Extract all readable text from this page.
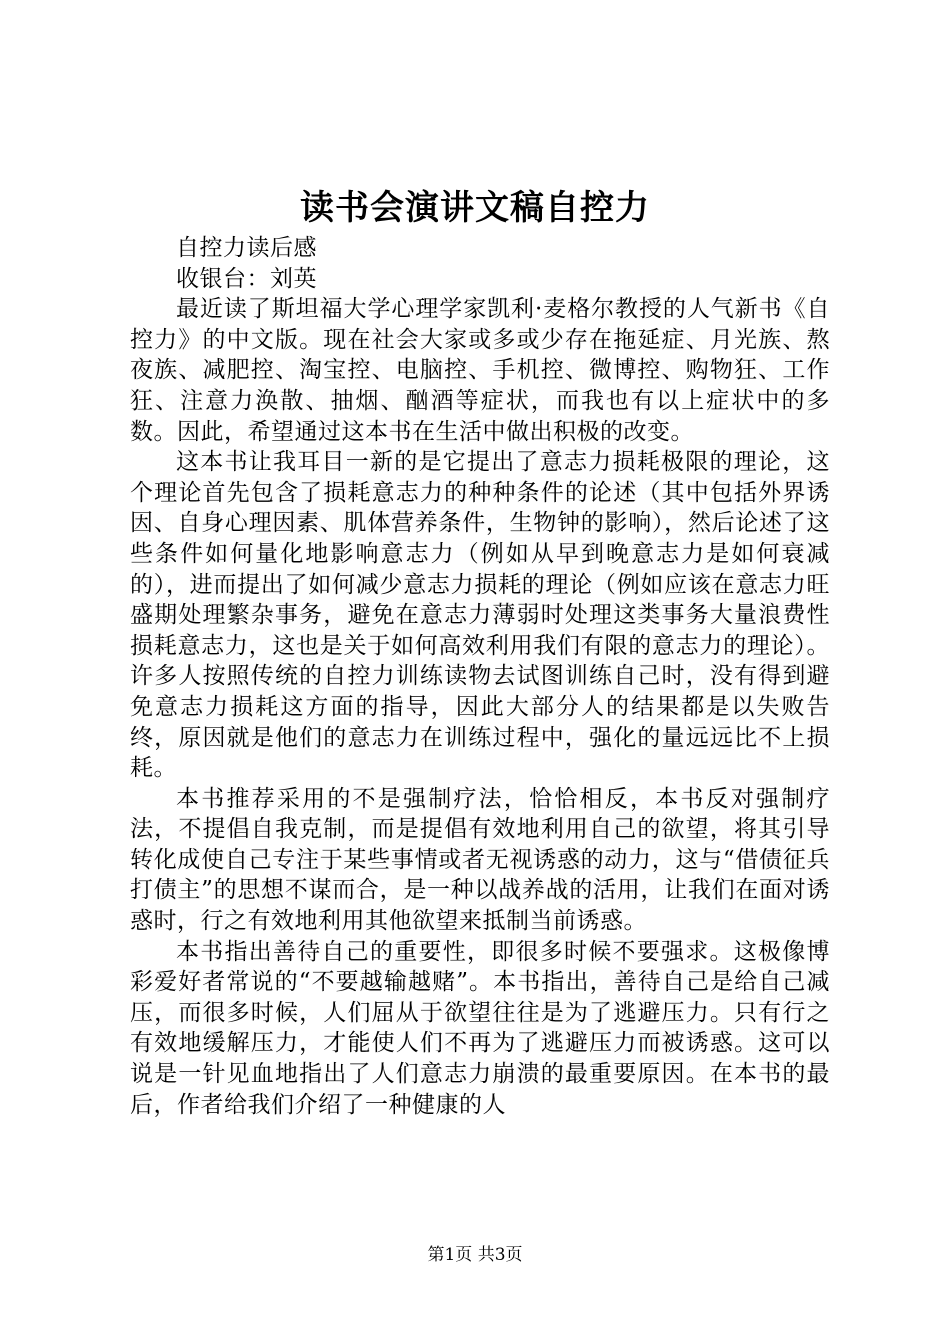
读书会演讲文稿自控力

自控力读后感

收银台：刘英

最近读了斯坦福大学心理学家凯利·麦格尔教授的人气新书《自控力》的中文版。现在社会大家或多或少存在拖延症、月光族、熬夜族、减肥控、淘宝控、电脑控、手机控、微博控、购物狂、工作狂、注意力涣散、抽烟、酗酒等症状，而我也有以上症状中的多数。因此，希望通过这本书在生活中做出积极的改变。

这本书让我耳目一新的是它提出了意志力损耗极限的理论，这个理论首先包含了损耗意志力的种种条件的论述（其中包括外界诱因、自身心理因素、肌体营养条件，生物钟的影响），然后论述了这些条件如何量化地影响意志力（例如从早到晚意志力是如何衰减的），进而提出了如何减少意志力损耗的理论（例如应该在意志力旺盛期处理繁杂事务，避免在意志力薄弱时处理这类事务大量浪费性损耗意志力，这也是关于如何高效利用我们有限的意志力的理论）。许多人按照传统的自控力训练读物去试图训练自己时，没有得到避免意志力损耗这方面的指导，因此大部分人的结果都是以失败告终，原因就是他们的意志力在训练过程中，强化的量远远比不上损耗。

本书推荐采用的不是强制疗法，恰恰相反，本书反对强制疗法，不提倡自我克制，而是提倡有效地利用自己的欲望，将其引导转化成使自己专注于某些事情或者无视诱惑的动力，这与“借债征兵打债主”的思想不谋而合，是一种以战养战的活用，让我们在面对诱惑时，行之有效地利用其他欲望来抵制当前诱惑。

本书指出善待自己的重要性，即很多时候不要强求。这极像博彩爱好者常说的“不要越输越赌”。本书指出，善待自己是给自己减压，而很多时候，人们屈从于欲望往往是为了逃避压力。只有行之有效地缓解压力，才能使人们不再为了逃避压力而被诱惑。这可以说是一针见血地指出了人们意志力崩溃的最重要原因。在本书的最后，作者给我们介绍了一种健康的人

第1页 共3页
